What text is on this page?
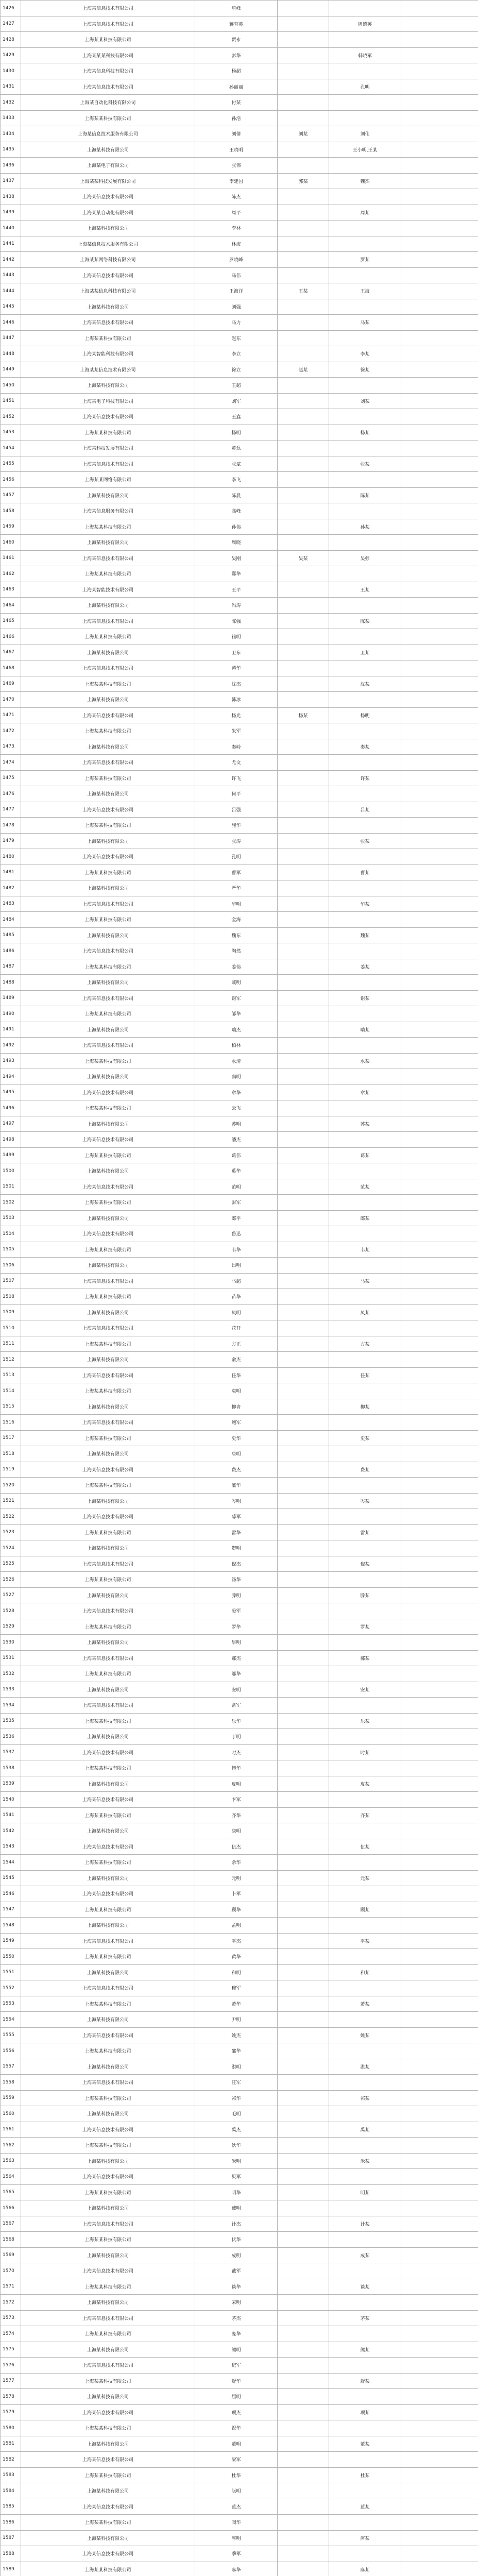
1426	上海某信息技术有限公司	詹峰			
1427	上海某信息技术有限公司	蒋育英		周德英	
1428	上海某某科技有限公司	贾永			
1429	上海某某某科技有限公司	彭华		韩晓军	
1430	上海某信息科技有限公司	杨超			
1431	上海某信息技术有限公司	孙丽丽		孔明	
1432	上海某自动化科技有限公司	付某			
1433	上海某某科技有限公司	孙浩			
1434	上海某信息技术服务有限公司	刘倩	刘某	刘伟	
1435	上海某科技有限公司	王晓明		王小明,王某	
1436	上海某电子有限公司	张伟			
1437	上海某某科技发展有限公司	李建国	郭某	魏杰	
1438	上海某信息技术有限公司	陈杰			
1439	上海某某自动化有限公司	周平		周某	
1440	上海某科技有限公司	李林			
1441	上海某信息技术服务有限公司	林海			
1442	上海某某网络科技有限公司	罗晓峰		罗某	
1443	上海某信息技术有限公司	马伟			
1444	上海某某信息科技有限公司	王海洋	王某	王海	
1445	上海某科技有限公司	刘强			
1446	上海某信息技术有限公司	马力		马某	
1447	上海某某科技有限公司	赵东			
1448	上海某智能科技有限公司	李立		李某	
1449	上海某某信息技术有限公司	徐立	赵某	徐某	
1450	上海某科技有限公司	王超			
1451	上海某电子科技有限公司	刘军		刘某	
1452	上海某信息技术有限公司	王鑫			
1453	上海某某科技有限公司	杨明		杨某	
1454	上海某科技发展有限公司	黄磊			
1455	上海某信息技术有限公司	张斌		张某	
1456	上海某某网络有限公司	李飞			
1457	上海某科技有限公司	陈晨		陈某	
1458	上海某信息服务有限公司	高峰			
1459	上海某某科技有限公司	孙伟		孙某	
1460	上海某科技有限公司	周晓			
1461	上海某信息技术有限公司	吴刚	吴某	吴强	
1462	上海某某科技有限公司	郑华			
1463	上海某智能技术有限公司	王平		王某	
1464	上海某科技有限公司	冯涛			
1465	上海某信息技术有限公司	陈强		陈某	
1466	上海某某科技有限公司	褚明			
1467	上海某科技有限公司	卫东		卫某	
1468	上海某信息技术有限公司	蒋华			
1469	上海某某科技有限公司	沈杰		沈某	
1470	上海某科技有限公司	韩冰			
1471	上海某信息技术有限公司	杨光	杨某	杨明	
1472	上海某某科技有限公司	朱军			
1473	上海某科技有限公司	秦岭		秦某	
1474	上海某信息技术有限公司	尤文			
1475	上海某某科技有限公司	许飞		许某	
1476	上海某科技有限公司	何平			
1477	上海某信息技术有限公司	吕强		吕某	
1478	上海某某科技有限公司	施华			
1479	上海某科技有限公司	张涛		张某	
1480	上海某信息技术有限公司	孔明			
1481	上海某某科技有限公司	曹军		曹某	
1482	上海某科技有限公司	严华			
1483	上海某信息技术有限公司	华明		华某	
1484	上海某某科技有限公司	金海			
1485	上海某科技有限公司	魏东		魏某	
1486	上海某信息技术有限公司	陶然			
1487	上海某某科技有限公司	姜伟		姜某	
1488	上海某科技有限公司	戚明			
1489	上海某信息技术有限公司	谢军		谢某	
1490	上海某某科技有限公司	邹华			
1491	上海某科技有限公司	喻杰		喻某	
1492	上海某信息技术有限公司	柏林			
1493	上海某某科技有限公司	水清		水某	
1494	上海某科技有限公司	窦明			
1495	上海某信息技术有限公司	章华		章某	
1496	上海某某科技有限公司	云飞			
1497	上海某科技有限公司	苏明		苏某	
1498	上海某信息技术有限公司	潘杰			
1499	上海某某科技有限公司	葛伟		葛某	
1500	上海某科技有限公司	奚华			
1501	上海某信息技术有限公司	范明		范某	
1502	上海某某科技有限公司	彭军			
1503	上海某科技有限公司	郎平		郎某	
1504	上海某信息技术有限公司	鲁迅			
1505	上海某某科技有限公司	韦华		韦某	
1506	上海某科技有限公司	昌明			
1507	上海某信息技术有限公司	马超		马某	
1508	上海某某科技有限公司	苗华			
1509	上海某科技有限公司	凤明		凤某	
1510	上海某信息技术有限公司	花开			
1511	上海某某科技有限公司	方正		方某	
1512	上海某科技有限公司	俞杰			
1513	上海某信息技术有限公司	任华		任某	
1514	上海某某科技有限公司	袁明			
1515	上海某科技有限公司	柳青		柳某	
1516	上海某信息技术有限公司	鲍军			
1517	上海某某科技有限公司	史华		史某	
1518	上海某科技有限公司	唐明			
1519	上海某信息技术有限公司	费杰		费某	
1520	上海某某科技有限公司	廉华			
1521	上海某科技有限公司	岑明		岑某	
1522	上海某信息技术有限公司	薛军			
1523	上海某某科技有限公司	雷华		雷某	
1524	上海某科技有限公司	贺明			
1525	上海某信息技术有限公司	倪杰		倪某	
1526	上海某某科技有限公司	汤华			
1527	上海某科技有限公司	滕明		滕某	
1528	上海某信息技术有限公司	殷军			
1529	上海某某科技有限公司	罗华		罗某	
1530	上海某科技有限公司	毕明			
1531	上海某信息技术有限公司	郝杰		郝某	
1532	上海某某科技有限公司	邬华			
1533	上海某科技有限公司	安明		安某	
1534	上海某信息技术有限公司	常军			
1535	上海某某科技有限公司	乐华		乐某	
1536	上海某科技有限公司	于明			
1537	上海某信息技术有限公司	时杰		时某	
1538	上海某某科技有限公司	傅华			
1539	上海某科技有限公司	皮明		皮某	
1540	上海某信息技术有限公司	卞军			
1541	上海某某科技有限公司	齐华		齐某	
1542	上海某科技有限公司	康明			
1543	上海某信息技术有限公司	伍杰		伍某	
1544	上海某某科技有限公司	余华			
1545	上海某科技有限公司	元明		元某	
1546	上海某信息技术有限公司	卜军			
1547	上海某某科技有限公司	顾华		顾某	
1548	上海某科技有限公司	孟明			
1549	上海某信息技术有限公司	平杰		平某	
1550	上海某某科技有限公司	黄华			
1551	上海某科技有限公司	和明		和某	
1552	上海某信息技术有限公司	穆军			
1553	上海某某科技有限公司	萧华		萧某	
1554	上海某科技有限公司	尹明			
1555	上海某信息技术有限公司	姚杰		姚某	
1556	上海某某科技有限公司	邵华			
1557	上海某科技有限公司	湛明		湛某	
1558	上海某信息技术有限公司	汪军			
1559	上海某某科技有限公司	祁华		祁某	
1560	上海某科技有限公司	毛明			
1561	上海某信息技术有限公司	禹杰		禹某	
1562	上海某某科技有限公司	狄华			
1563	上海某科技有限公司	米明		米某	
1564	上海某信息技术有限公司	贝军			
1565	上海某某科技有限公司	明华		明某	
1566	上海某科技有限公司	臧明			
1567	上海某信息技术有限公司	计杰		计某	
1568	上海某某科技有限公司	伏华			
1569	上海某科技有限公司	成明		成某	
1570	上海某信息技术有限公司	戴军			
1571	上海某某科技有限公司	谈华		谈某	
1572	上海某科技有限公司	宋明			
1573	上海某信息技术有限公司	茅杰		茅某	
1574	上海某某科技有限公司	庞华			
1575	上海某科技有限公司	熊明		熊某	
1576	上海某信息技术有限公司	纪军			
1577	上海某某科技有限公司	舒华		舒某	
1578	上海某科技有限公司	屈明			
1579	上海某信息技术有限公司	项杰		项某	
1580	上海某某科技有限公司	祝华			
1581	上海某科技有限公司	董明		董某	
1582	上海某信息技术有限公司	梁军			
1583	上海某某科技有限公司	杜华		杜某	
1584	上海某科技有限公司	阮明			
1585	上海某信息技术有限公司	蓝杰		蓝某	
1586	上海某某科技有限公司	闵华			
1587	上海某科技有限公司	席明		席某	
1588	上海某信息技术有限公司	季军			
1589	上海某某科技有限公司	麻华		麻某	
